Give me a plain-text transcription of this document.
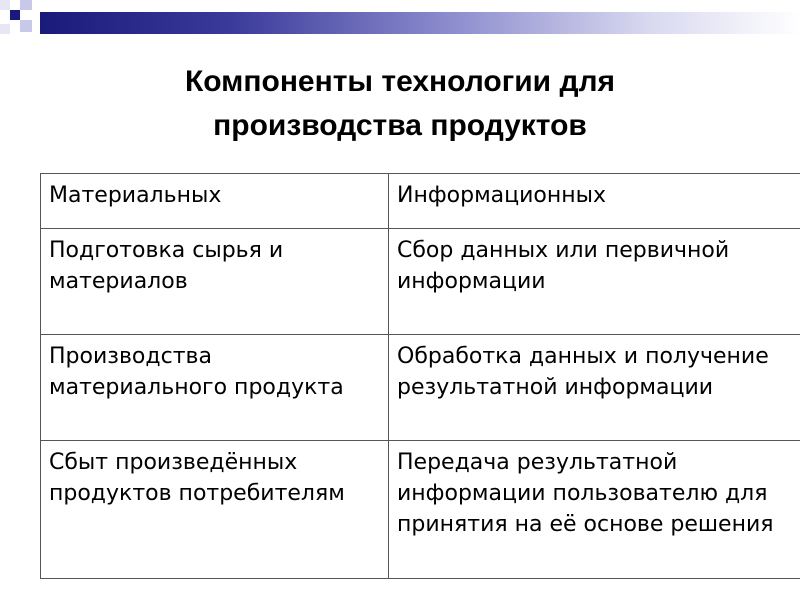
Компоненты технологии для
производства продуктов
Материальных	Информационных
Подготовка сырья и материалов	Сбор данных или первичной информации
Производства материального продукта	Обработка данных и получение результатной информации
Сбыт произведённых продуктов потребителям	Передача результатной информации пользователю для принятия на её основе решения
